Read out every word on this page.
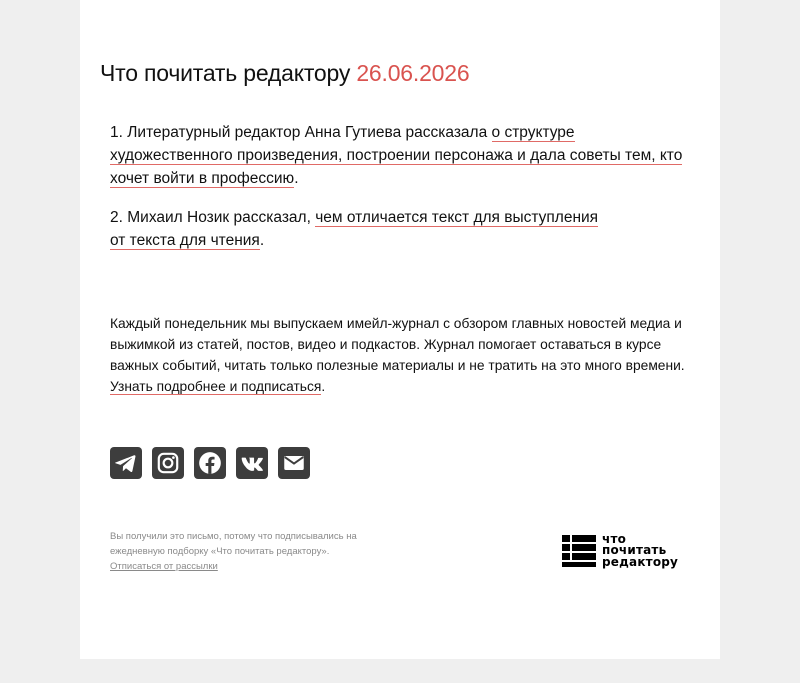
Что почитать редактору 26.06.2026

1. Литературный редактор Анна Гутиева рассказала о структуре художественного произведения, построении персонажа и дала советы тем, кто хочет войти в профессию.

2. Михаил Нозик рассказал, чем отличается текст для выступления
от текста для чтения.

Каждый понедельник мы выпускаем имейл-журнал с обзором главных новостей медиа и выжимкой из статей, постов, видео и подкастов. Журнал помогает оставаться в курсе важных событий, читать только полезные материалы и не тратить на это много времени. Узнать подробнее и подписаться.

Вы получили это письмо, потому что подписывались на
ежедневную подборку «Что почитать редактору».
Отписаться от рассылки

что
почитать
редактору
